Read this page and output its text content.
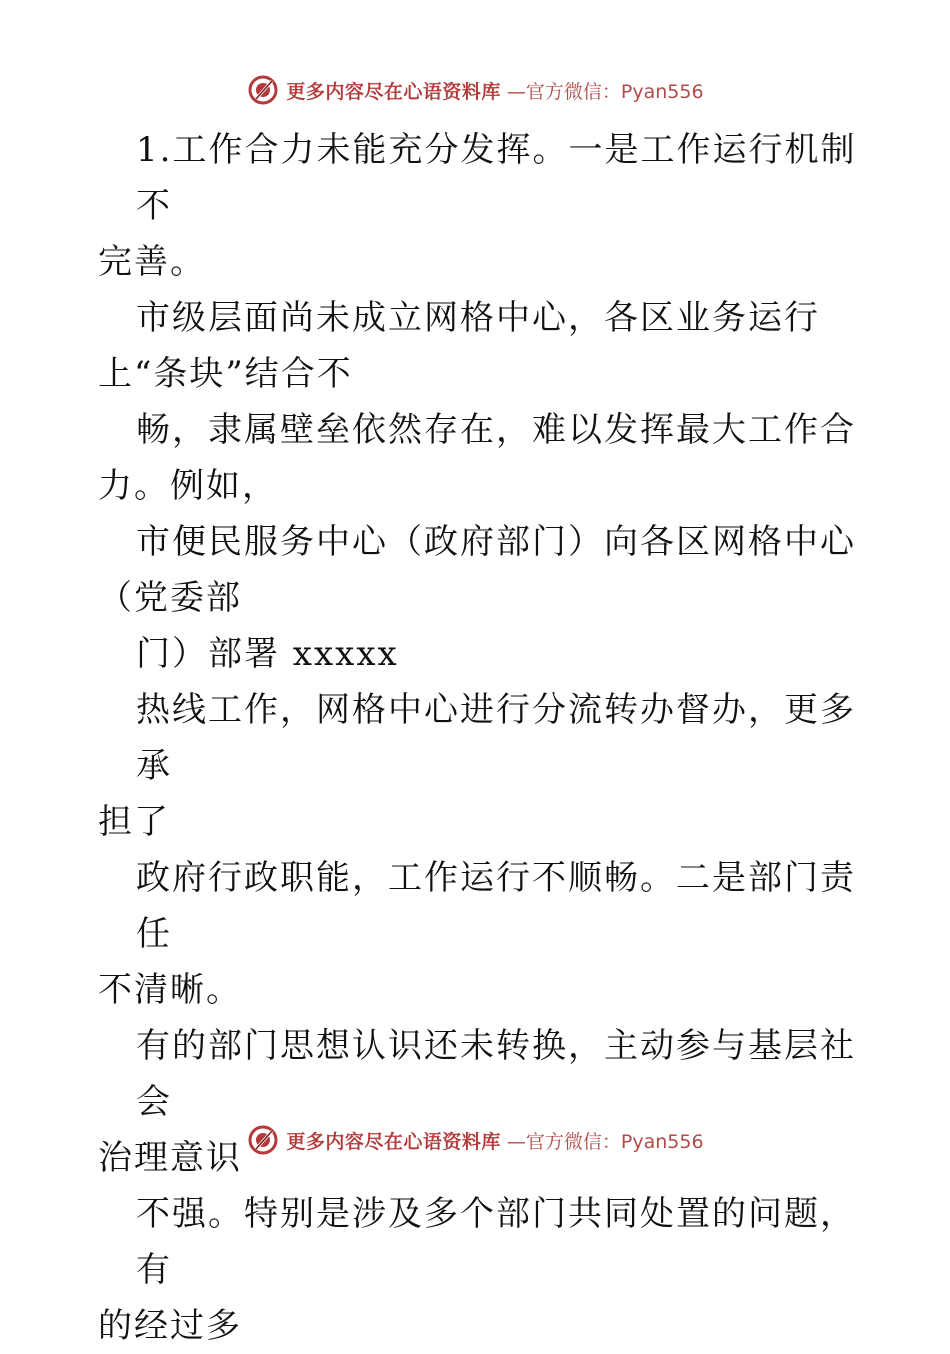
更多内容尽在心语资料库 —官方微信：Pyan556

1.工作合力未能充分发挥。一是工作运行机制不

完善。

市级层面尚未成立网格中心，各区业务运行

上“条块”结合不

畅，隶属壁垒依然存在，难以发挥最大工作合

力。例如，

市便民服务中心（政府部门）向各区网格中心

（党委部

门）部署 xxxxx

热线工作，网格中心进行分流转办督办，更多承

担了

政府行政职能，工作运行不顺畅。二是部门责任

不清晰。

有的部门思想认识还未转换，主动参与基层社会

治理意识

不强。特别是涉及多个部门共同处置的问题，有

的经过多

更多内容尽在心语资料库 —官方微信：Pyan556
